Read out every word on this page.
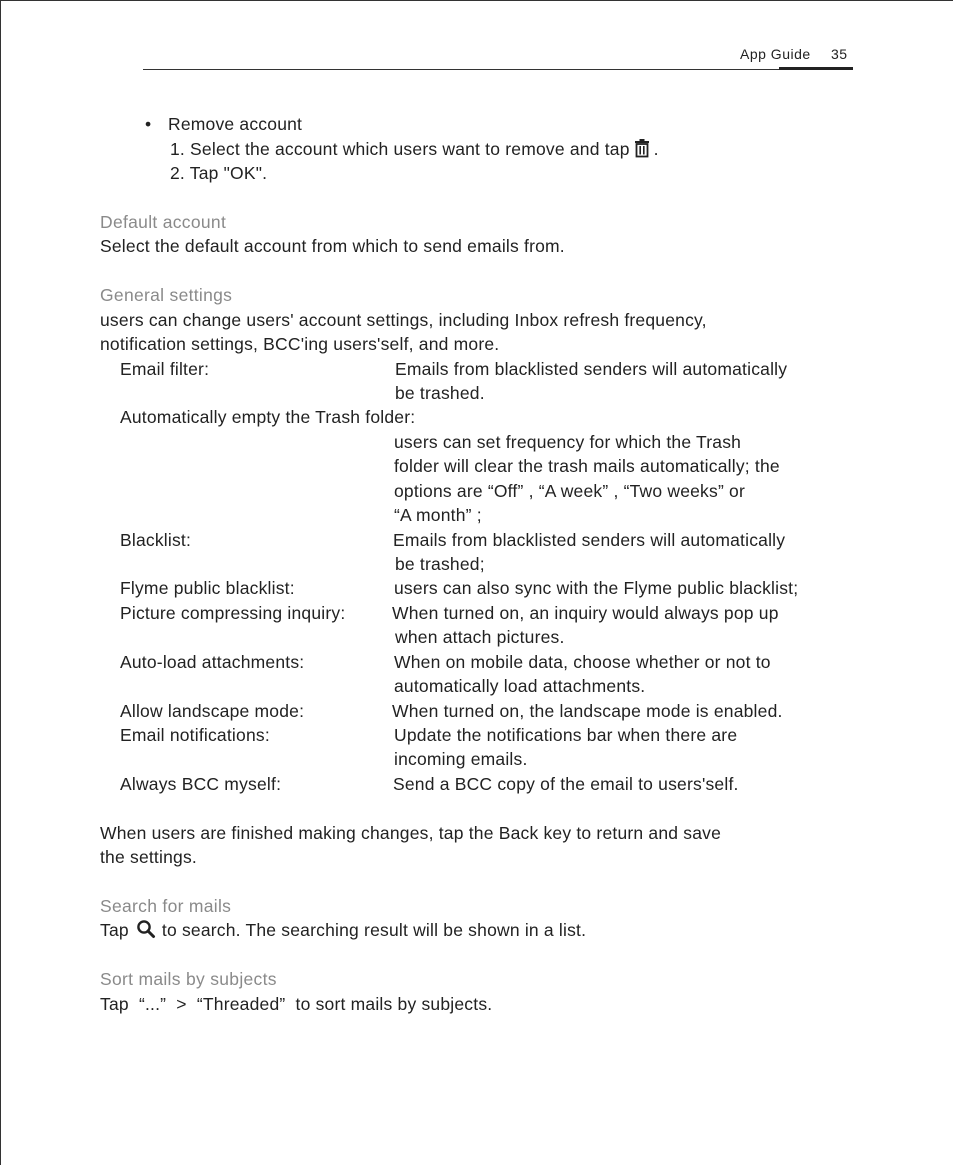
App Guide 35
• Remove account
1. Select the account which users want to remove and tap .
2. Tap "OK".
Default account
Select the default account from which to send emails from.
General settings
users can change users' account settings, including Inbox refresh frequency,
notification settings, BCC'ing users'self, and more.
Email filter:	Emails from blacklisted senders will automatically
be trashed.
Automatically empty the Trash folder:
users can set frequency for which the Trash
folder will clear the trash mails automatically; the
options are “Off” , “A week” , “Two weeks” or
“A month” ;
Blacklist:	Emails from blacklisted senders will automatically
be trashed;
Flyme public blacklist:	users can also sync with the Flyme public blacklist;
Picture compressing inquiry:	When turned on, an inquiry would always pop up
when attach pictures.
Auto-load attachments:	When on mobile data, choose whether or not to
automatically load attachments.
Allow landscape mode:	When turned on, the landscape mode is enabled.
Email notifications:	Update the notifications bar when there are
incoming emails.
Always BCC myself:	Send a BCC copy of the email to users'self.
When users are finished making changes, tap the Back key to return and save
the settings.
Search for mails
Tap to search. The searching result will be shown in a list.
Sort mails by subjects
Tap  “...”  >  “Threaded”  to sort mails by subjects.
